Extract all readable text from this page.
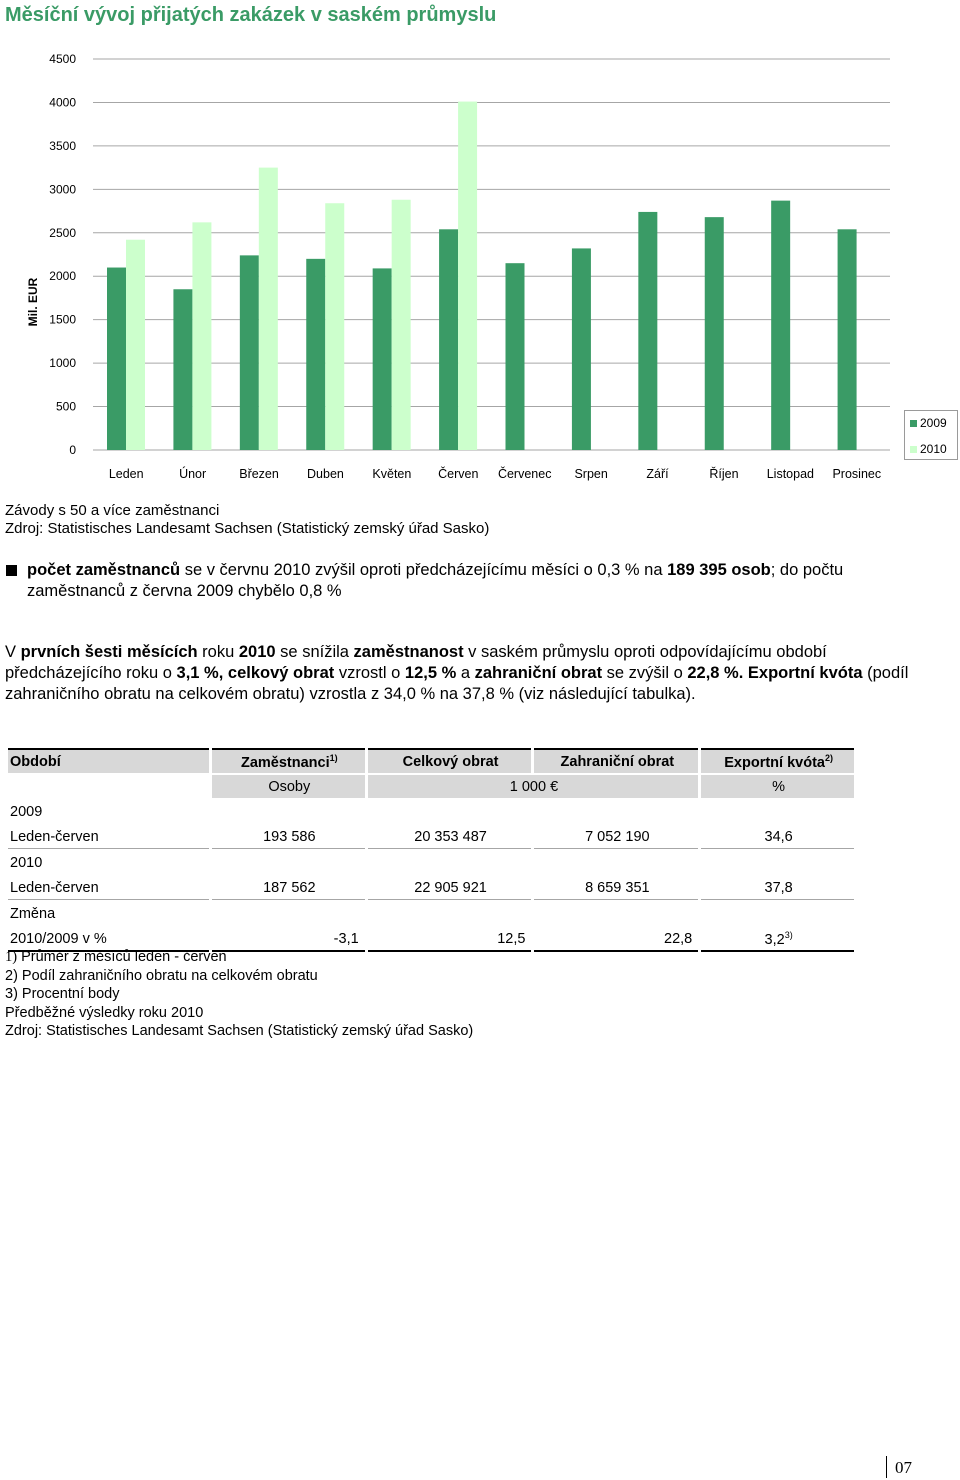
Měsíční vývoj přijatých zakázek v saském průmyslu
4500
4000
3500
3000
2500
2000
1500
1000
500
0
Mil. EUR
Leden	Únor	Březen Duben Květen Červen Červenec Srpen	Září	Říjen Listopad Prosinec
2009
2010
Závody s 50 a více zaměstnanci
Zdroj: Statistisches Landesamt Sachsen (Statistický zemský úřad Sasko)
počet zaměstnanců se v červnu 2010 zvýšil oproti předcházejícímu měsíci o 0,3 % na 189 395 osob; do počtu zaměstnanců z června 2009 chybělo 0,8 %
V prvních šesti měsících roku 2010 se snížila zaměstnanost v saském průmyslu oproti odpovídajícímu období předcházejícího roku o 3,1 %, celkový obrat vzrostl o 12,5 % a zahraniční obrat se zvýšil o 22,8 %. Exportní kvóta (podíl zahraničního obratu na celkovém obratu) vzrostla z 34,0 % na 37,8 % (viz následující tabulka).
Období	Zaměstnanci$^{1)}$	Celkový obrat	Zahraniční obrat	Exportní kvóta$^{2)}$
	Osoby	1 000 €		%
2009				
Leden-červen	193 586	20 353 487	7 052 190	34,6
2010				
Leden-červen	187 562	22 905 921	8 659 351	37,8
Změna				
2010/2009 v %	-3,1	12,5	22,8	3,2$^{3)}$
1) Průměr z měsíců leden - červen
2) Podíl zahraničního obratu na celkovém obratu
3) Procentní body
Předběžné výsledky roku 2010
Zdroj: Statistisches Landesamt Sachsen (Statistický zemský úřad Sasko)
07
